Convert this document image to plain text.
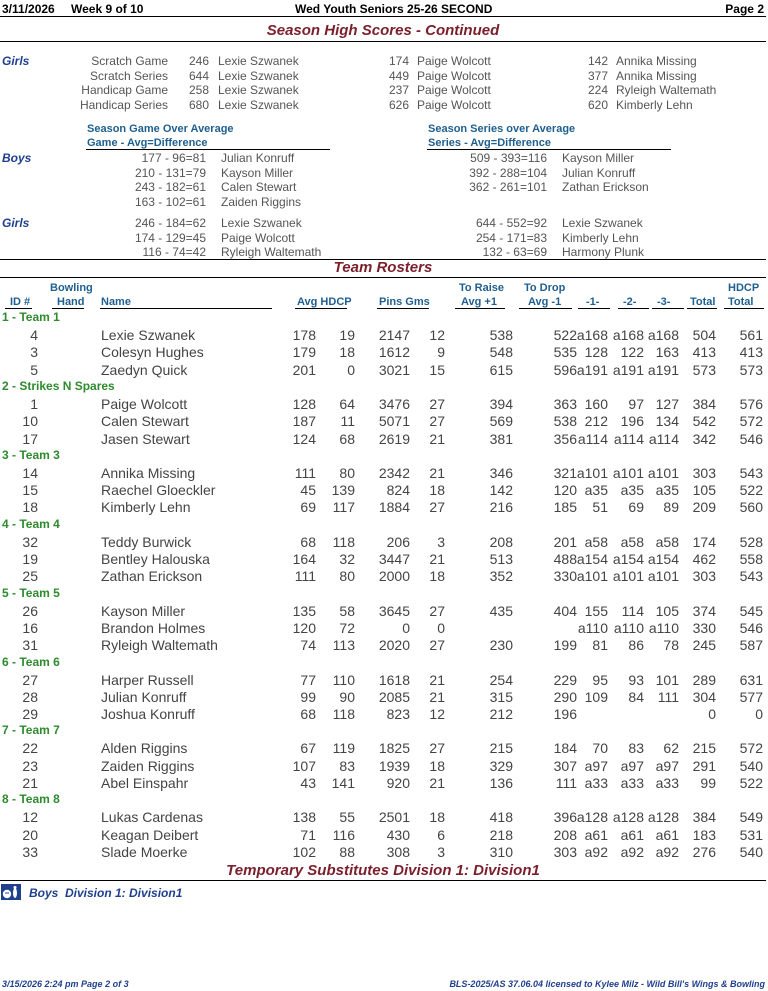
3/11/2026 Week 9 of 10	Wed Youth Seniors 25-26 SECOND	Page 2
Season High Scores - Continued
Girls	Scratch Game 246 Lexie Szwanek	174 Paige Wolcott	142 Annika Missing
Scratch Series 644 Lexie Szwanek	449 Paige Wolcott	377 Annika Missing
Handicap Game 258 Lexie Szwanek	237 Paige Wolcott	224 Ryleigh Waltemath
Handicap Series 680 Lexie Szwanek	626 Paige Wolcott	620 Kimberly Lehn
Season Game Over Average
Game - Avg=Difference
Season Series over Average
Series - Avg=Difference
Boys	177 - 96=81 Julian Konruff	509 - 393=116 Kayson Miller
210 - 131=79 Kayson Miller	392 - 288=104 Julian Konruff
243 - 182=61 Calen Stewart	362 - 261=101 Zathan Erickson
163 - 102=61 Zaiden Riggins
Girls	246 - 184=62 Lexie Szwanek	644 - 552=92 Lexie Szwanek
174 - 129=45 Paige Wolcott	254 - 171=83 Kimberly Lehn
116 - 74=42 Ryleigh Waltemath	132 - 63=69 Harmony Plunk
Team Rosters
Bowling
ID # Hand Name	Avg HDCP Pins Gms
To Raise
Avg +1
To Drop
Avg -1 -1- -2- -3- Total
HDCP
Total
1 - Team 1
4	Lexie Szwanek	178 19 2147 12	538	522 a168 a168 a168 504 561
3	Colesyn Hughes	179 18 1612 9	548	535 128 122 163 413 413
5	Zaedyn Quick	201 0 3021 15	615	596 a191 a191 a191 573 573
2 - Strikes N Spares
1	Paige Wolcott	128 64 3476 27	394	363 160 97 127 384 576
10	Calen Stewart	187 11 5071 27	569	538 212 196 134 542 572
17	Jasen Stewart	124 68 2619 21	381	356 a114 a114 a114 342 546
3 - Team 3
14	Annika Missing	111 80 2342 21	346	321 a101 a101 a101 303 543
15	Raechel Gloeckler	45 139 824 18	142	120 a35 a35 a35 105 522
18	Kimberly Lehn	69 117 1884 27	216	185 51 69 89 209 560
4 - Team 4
32	Teddy Burwick	68 118 206 3	208	201 a58 a58 a58 174 528
19	Bentley Halouska	164 32 3447 21	513	488 a154 a154 a154 462 558
25	Zathan Erickson	111 80 2000 18	352	330 a101 a101 a101 303 543
5 - Team 5
26	Kayson Miller	135 58 3645 27	435	404 155 114 105 374 545
16	Brandon Holmes	120 72	0 0	a110 a110 a110 330 546
31	Ryleigh Waltemath	74 113 2020 27	230	199 81 86 78 245 587
6 - Team 6
27	Harper Russell	77 110 1618 21	254	229 95 93 101 289 631
28	Julian Konruff	99 90 2085 21	315	290 109 84 111 304 577
29	Joshua Konruff	68 118 823 12	212	196	0	0
7 - Team 7
22	Alden Riggins	67 119 1825 27	215	184 70 83 62 215 572
23	Zaiden Riggins	107 83 1939 18	329	307 a97 a97 a97 291 540
21	Abel Einspahr	43 141 920 21	136	111 a33 a33 a33 99 522
8 - Team 8
12	Lukas Cardenas	138 55 2501 18	418	396 a128 a128 a128 384 549
20	Keagan Deibert	71 116 430 6	218	208 a61 a61 a61 183 531
33	Slade Moerke	102 88 308 3	310	303 a92 a92 a92 276 540
Temporary Substitutes Division 1: Division1
Boys Division 1: Division1
3/15/2026 2:24 pm Page 2 of 3	BLS-2025/AS 37.06.04 licensed to Kylee Milz - Wild Bill's Wings & Bowling
